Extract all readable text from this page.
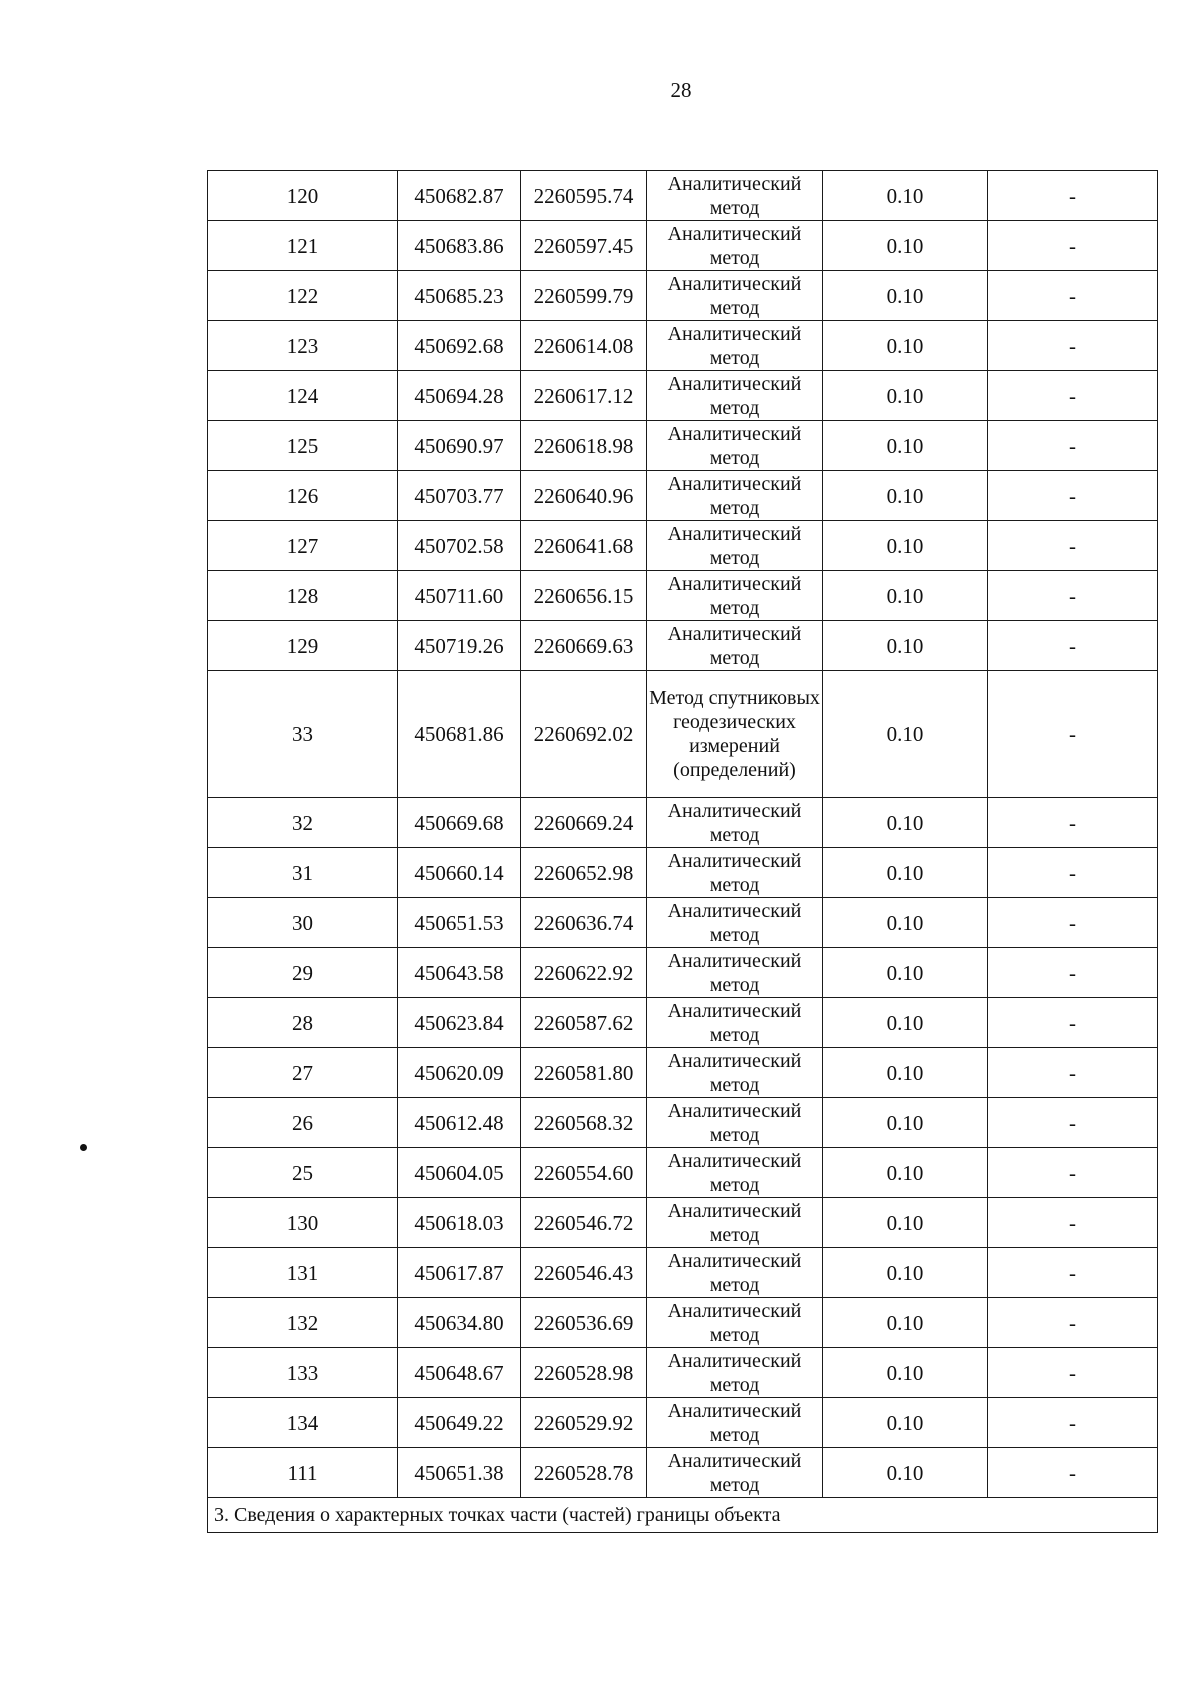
28
120	450682.87	2260595.74	Аналитический метод	0.10	-
121	450683.86	2260597.45	Аналитический метод	0.10	-
122	450685.23	2260599.79	Аналитический метод	0.10	-
123	450692.68	2260614.08	Аналитический метод	0.10	-
124	450694.28	2260617.12	Аналитический метод	0.10	-
125	450690.97	2260618.98	Аналитический метод	0.10	-
126	450703.77	2260640.96	Аналитический метод	0.10	-
127	450702.58	2260641.68	Аналитический метод	0.10	-
128	450711.60	2260656.15	Аналитический метод	0.10	-
129	450719.26	2260669.63	Аналитический метод	0.10	-
33	450681.86	2260692.02	Метод спутниковых геодезических измерений (определений)	0.10	-
32	450669.68	2260669.24	Аналитический метод	0.10	-
31	450660.14	2260652.98	Аналитический метод	0.10	-
30	450651.53	2260636.74	Аналитический метод	0.10	-
29	450643.58	2260622.92	Аналитический метод	0.10	-
28	450623.84	2260587.62	Аналитический метод	0.10	-
27	450620.09	2260581.80	Аналитический метод	0.10	-
26	450612.48	2260568.32	Аналитический метод	0.10	-
25	450604.05	2260554.60	Аналитический метод	0.10	-
130	450618.03	2260546.72	Аналитический метод	0.10	-
131	450617.87	2260546.43	Аналитический метод	0.10	-
132	450634.80	2260536.69	Аналитический метод	0.10	-
133	450648.67	2260528.98	Аналитический метод	0.10	-
134	450649.22	2260529.92	Аналитический метод	0.10	-
111	450651.38	2260528.78	Аналитический метод	0.10	-
3. Сведения о характерных точках части (частей) границы объекта					
